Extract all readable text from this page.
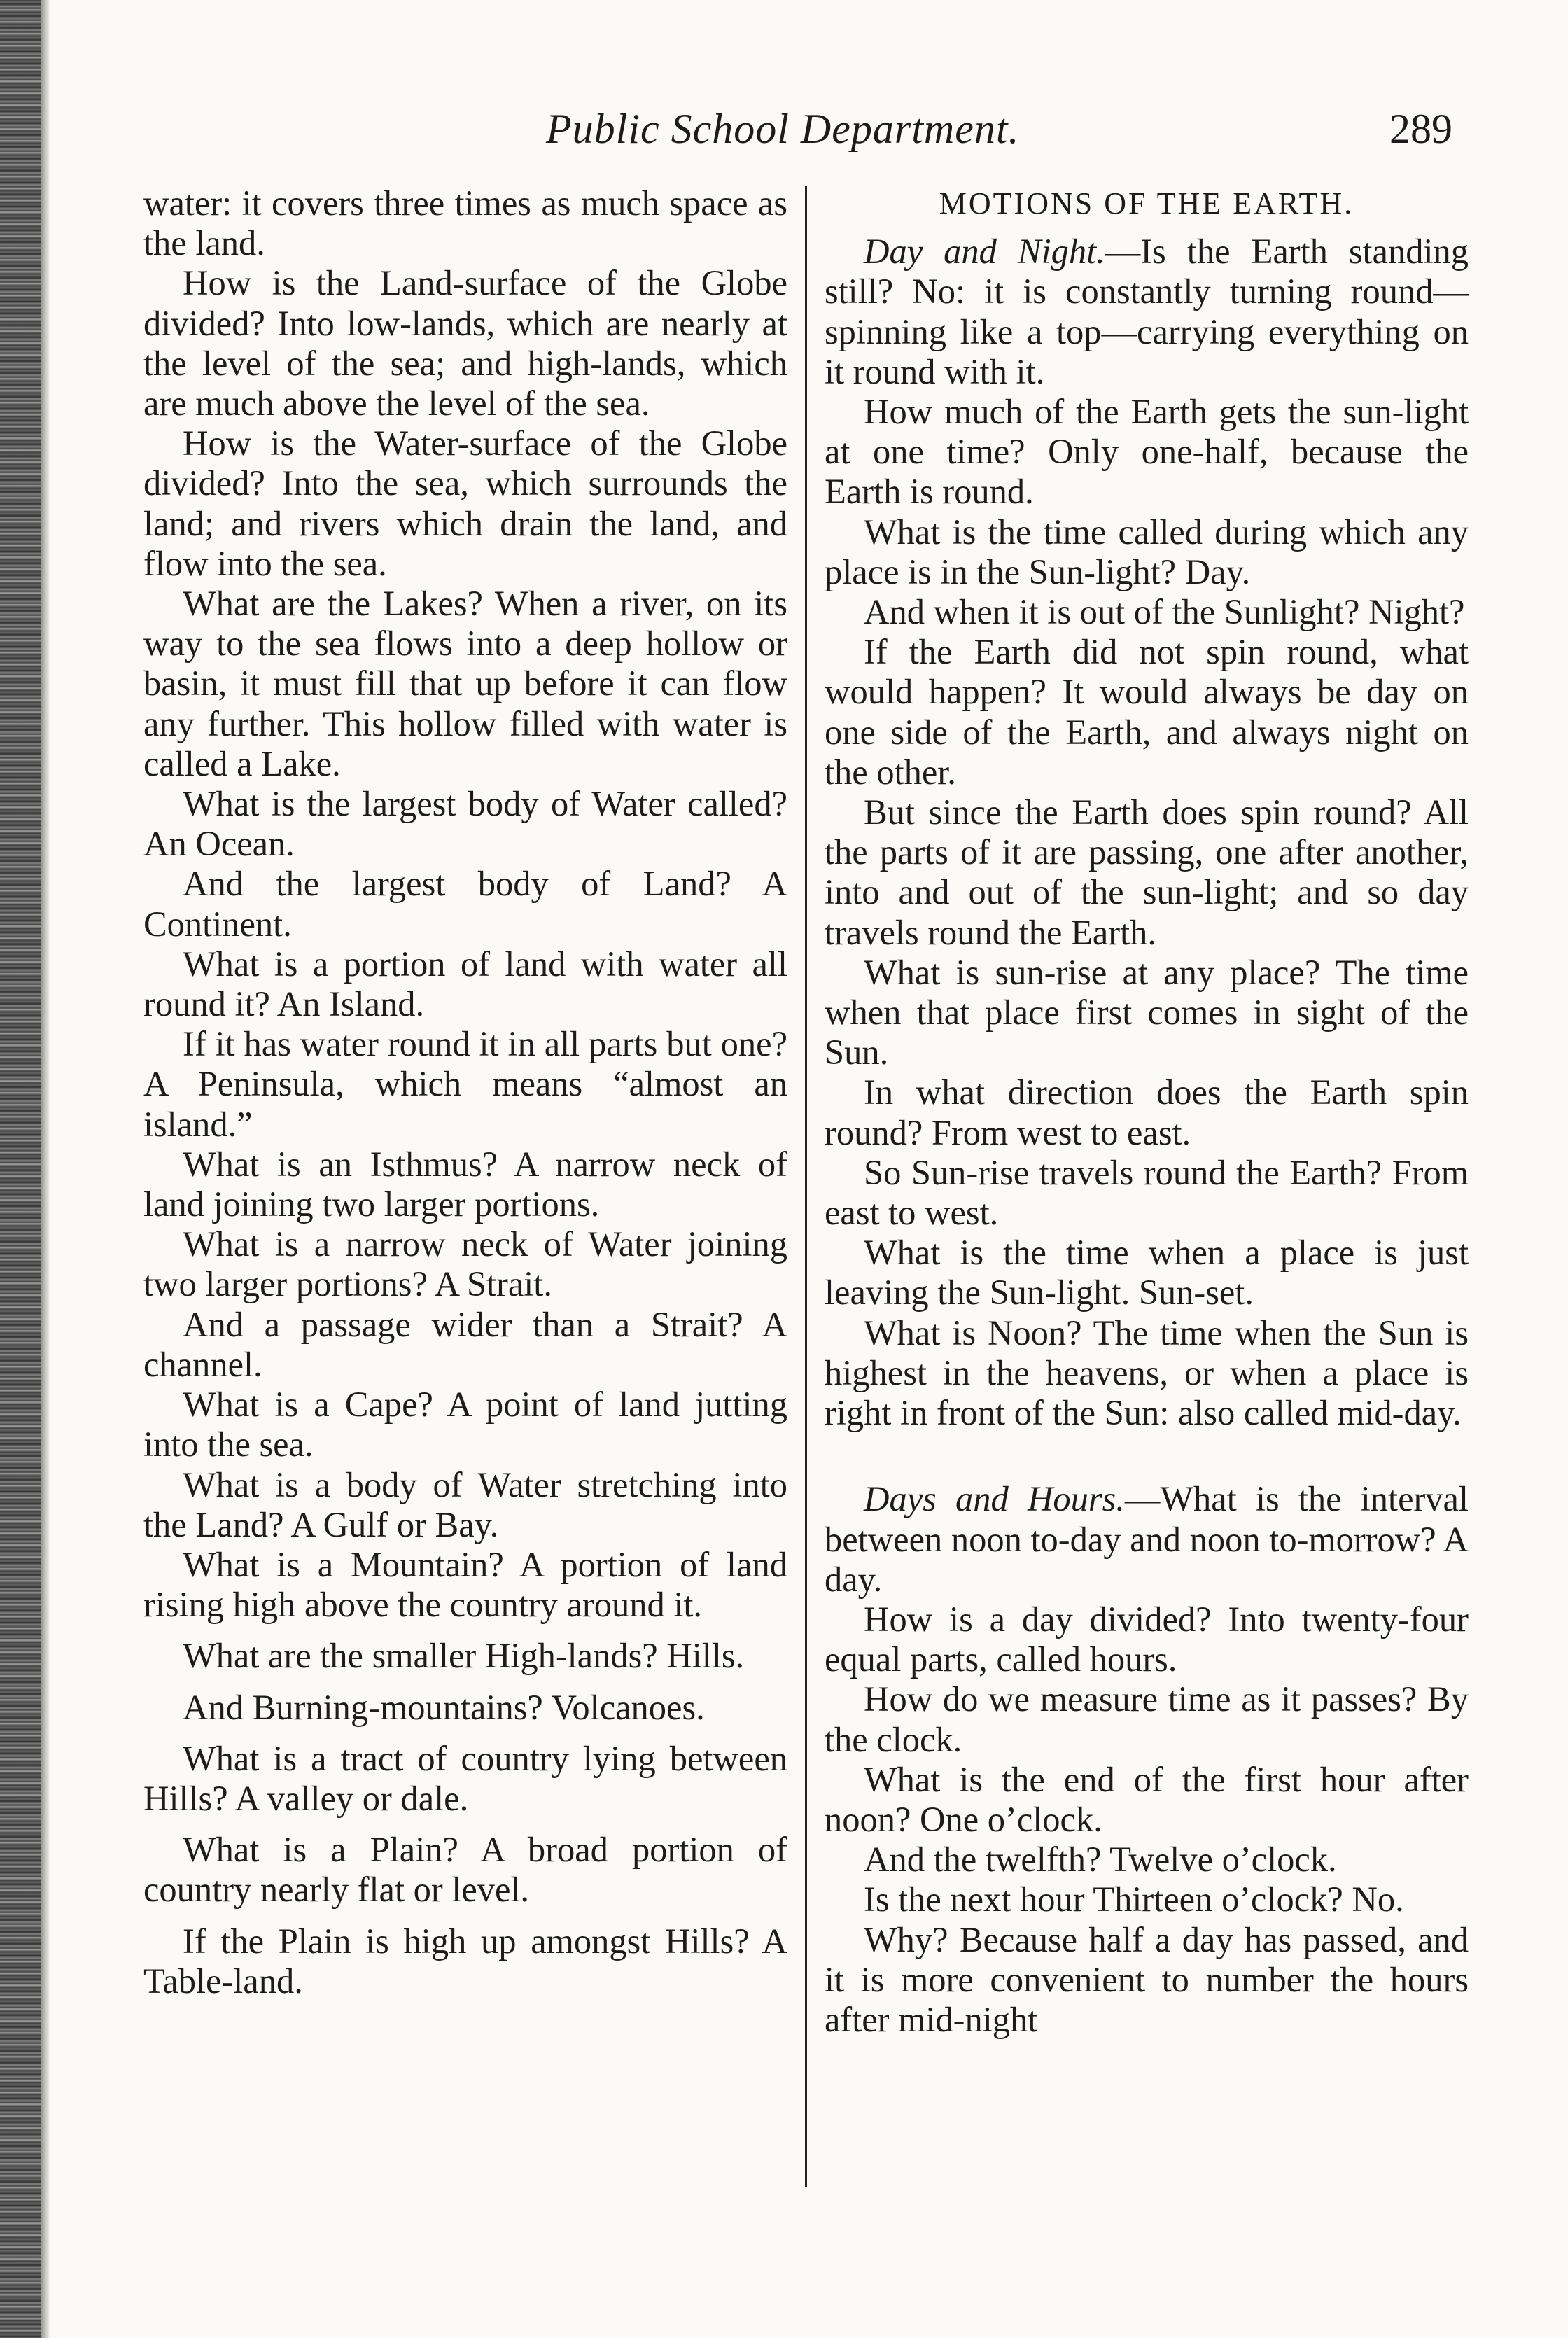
Public School Department.	289

water: it covers three times as much space as the land.

How is the Land-surface of the Globe divided? Into low-lands, which are nearly at the level of the sea; and high-lands, which are much above the level of the sea.

How is the Water-surface of the Globe divided? Into the sea, which surrounds the land; and rivers which drain the land, and flow into the sea.

What are the Lakes? When a river, on its way to the sea flows into a deep hollow or basin, it must fill that up before it can flow any further. This hollow filled with water is called a Lake.

What is the largest body of Water called? An Ocean.

And the largest body of Land? A Continent.

What is a portion of land with water all round it? An Island.

If it has water round it in all parts but one? A Peninsula, which means “almost an island.”

What is an Isthmus? A narrow neck of land joining two larger portions.

What is a narrow neck of Water joining two larger portions? A Strait.

And a passage wider than a Strait? A channel.

What is a Cape? A point of land jutting into the sea.

What is a body of Water stretching into the Land? A Gulf or Bay.

What is a Mountain? A portion of land rising high above the country around it.

What are the smaller High-lands? Hills.

And Burning-mountains? Volcanoes.

What is a tract of country lying between Hills? A valley or dale.

What is a Plain? A broad portion of country nearly flat or level.

If the Plain is high up amongst Hills? A Table-land.

MOTIONS OF THE EARTH.

Day and Night.—Is the Earth standing still? No: it is constantly turning round—spinning like a top—carrying everything on it round with it.

How much of the Earth gets the sun-light at one time? Only one-half, because the Earth is round.

What is the time called during which any place is in the Sun-light? Day.

And when it is out of the Sunlight? Night?

If the Earth did not spin round, what would happen? It would always be day on one side of the Earth, and always night on the other.

But since the Earth does spin round? All the parts of it are passing, one after another, into and out of the sun-light; and so day travels round the Earth.

What is sun-rise at any place? The time when that place first comes in sight of the Sun.

In what direction does the Earth spin round? From west to east.

So Sun-rise travels round the Earth? From east to west.

What is the time when a place is just leaving the Sun-light. Sun-set.

What is Noon? The time when the Sun is highest in the heavens, or when a place is right in front of the Sun: also called mid-day.

Days and Hours.—What is the interval between noon to-day and noon to-morrow? A day.

How is a day divided? Into twenty-four equal parts, called hours.

How do we measure time as it passes? By the clock.

What is the end of the first hour after noon? One o’clock.

And the twelfth? Twelve o’clock.

Is the next hour Thirteen o’clock? No.

Why? Because half a day has passed, and it is more convenient to number the hours after mid-night
